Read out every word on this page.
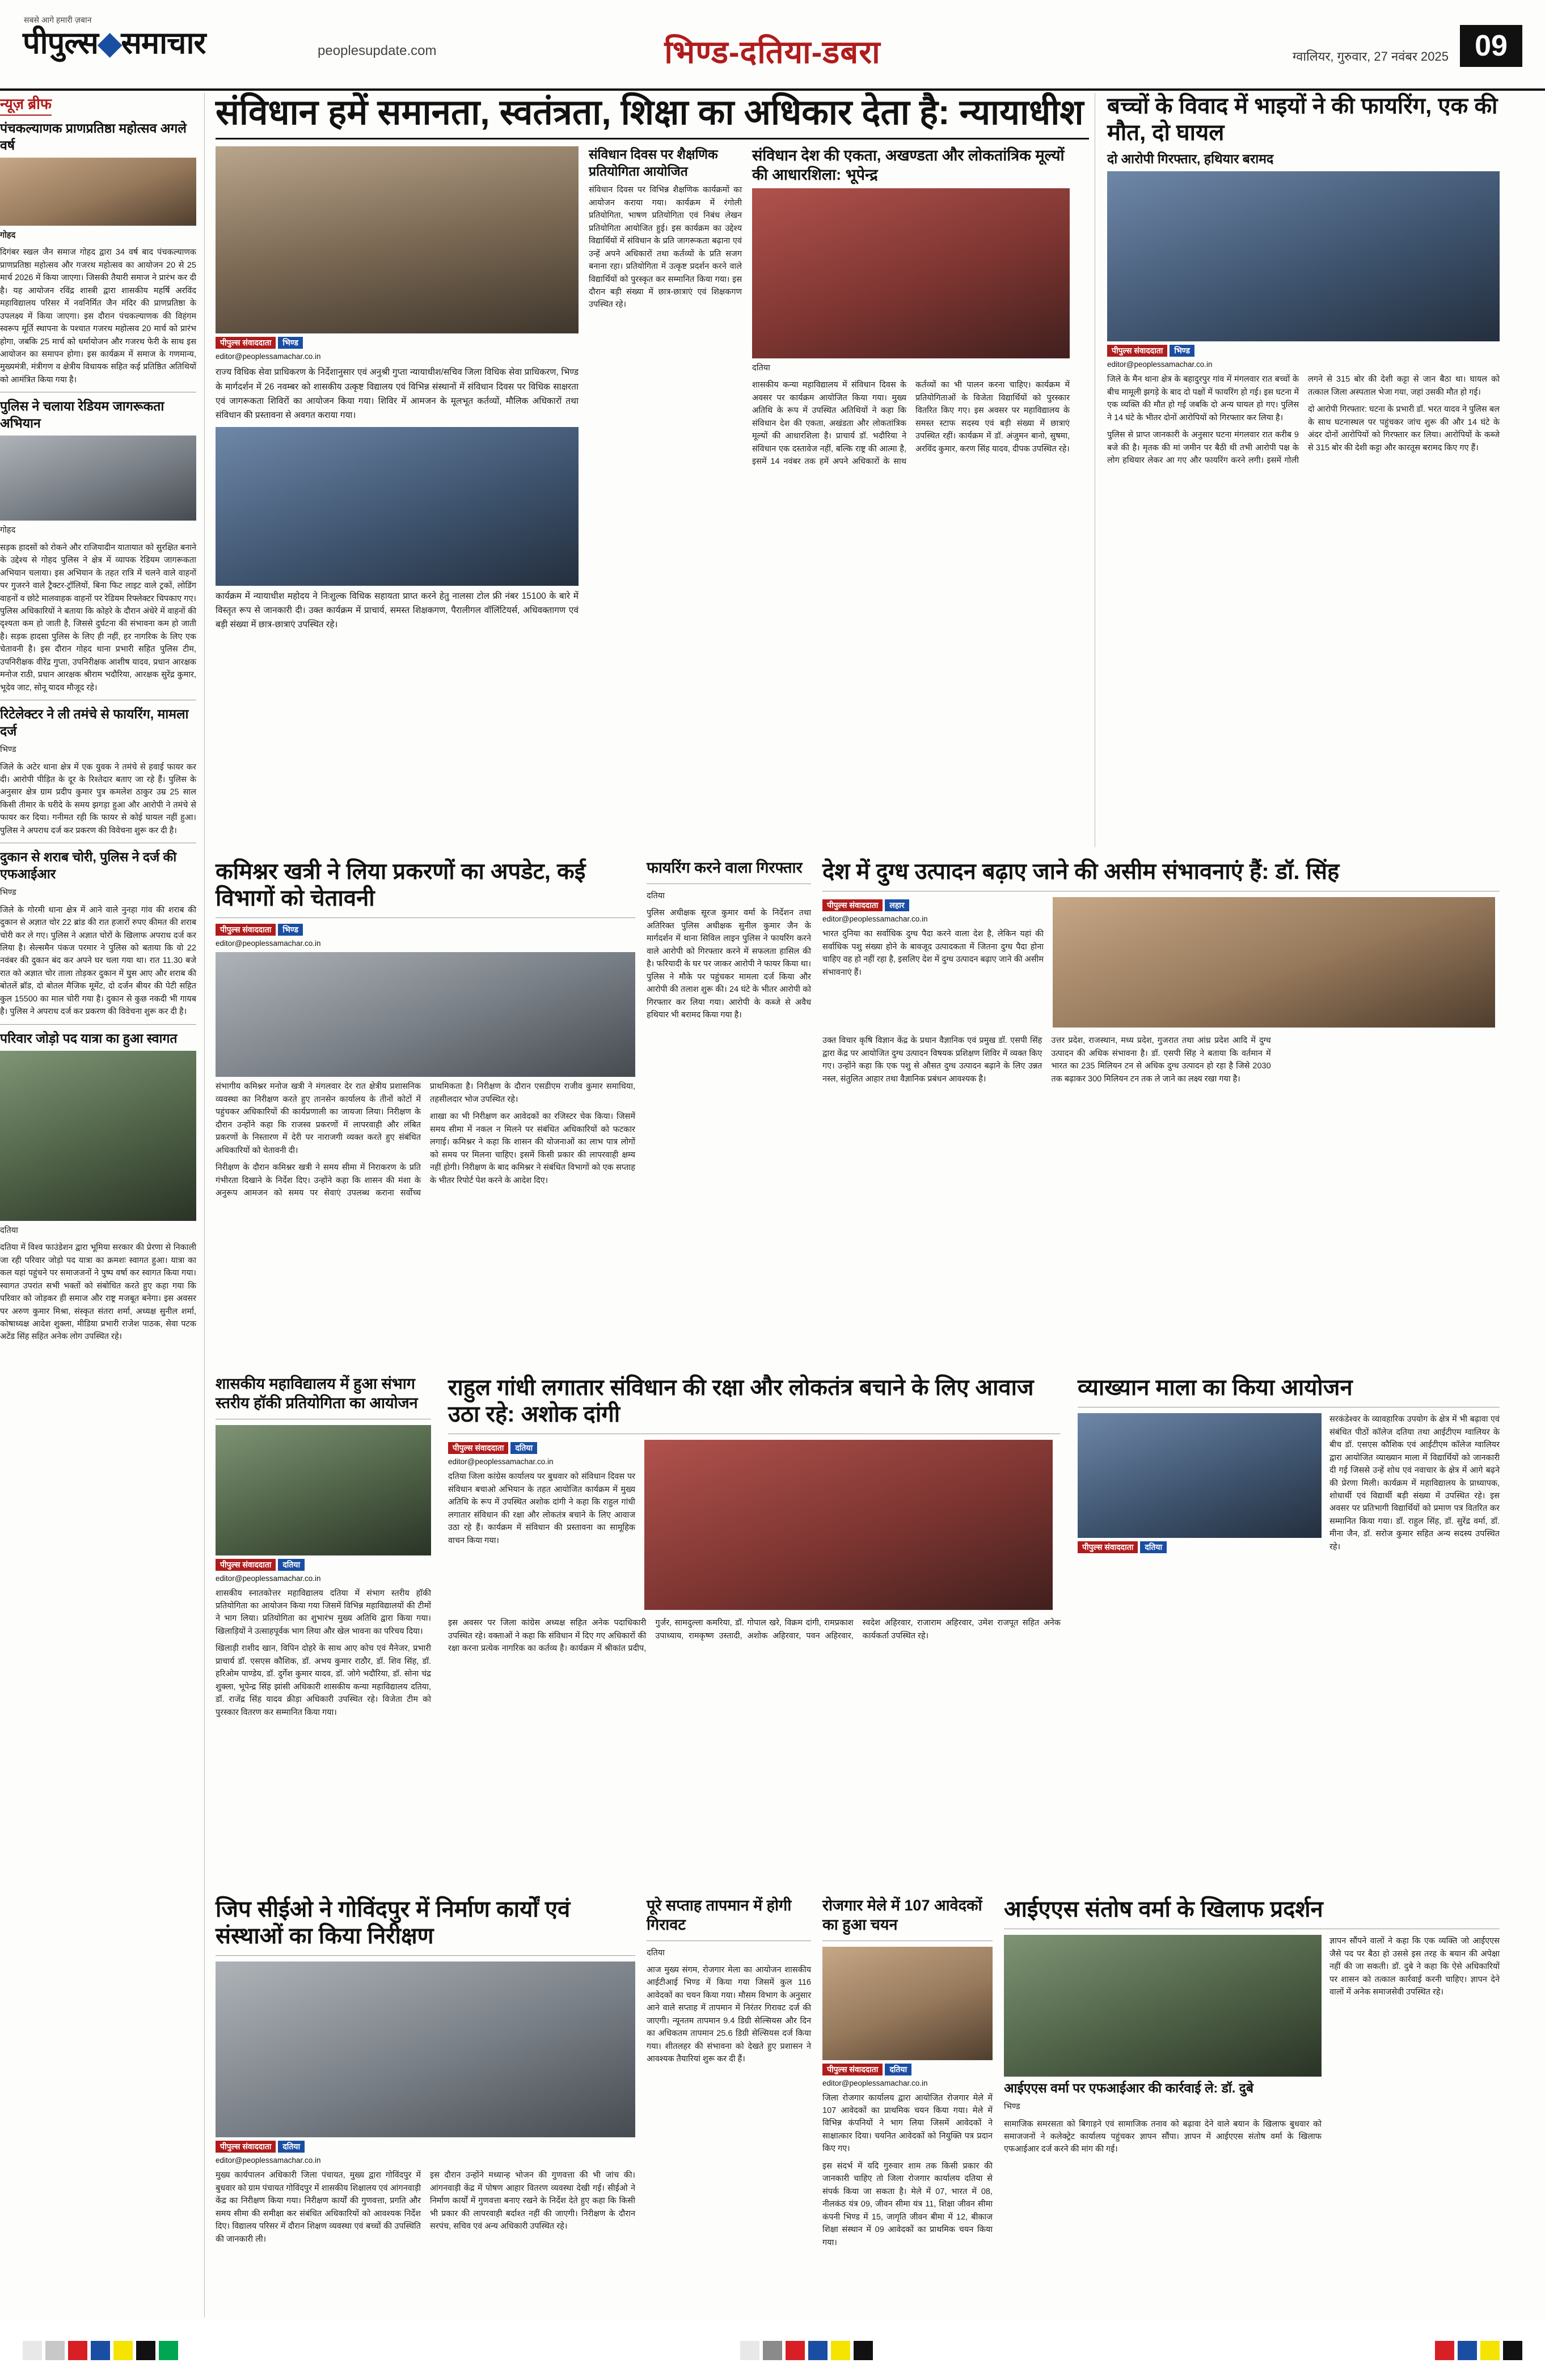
सबसे आगे हमारी ज़बान
पीपुल्स◆समाचार	peoplesupdate.com	भिण्ड-दतिया-डबरा	ग्वालियर, गुरुवार, 27 नवंबर 2025 09
न्यूज़ ब्रीफ
पंचकल्याणक प्राणप्रतिष्ठा महोत्सव अगले वर्ष

गोहद

दिगंबर स्खल जैन समाज गोहद द्वारा 34 वर्ष बाद पंचकल्याणक प्राणप्रतिष्ठा महोत्सव और गजरथ महोत्सव का आयोजन 20 से 25 मार्च 2026 में किया जाएगा। जिसकी तैयारी समाज ने प्रारंभ कर दी है। यह आयोजन रविंद्र शास्त्री द्वारा शासकीय महर्षि अरविंद महाविद्यालय परिसर में नवनिर्मित जैन मंदिर की प्राणप्रतिष्ठा के उपलक्ष्य में किया जाएगा। इस दौरान पंचकल्याणक की विहंगम स्वरूप मूर्ति स्थापना के पश्चात गजरथ महोत्सव 20 मार्च को प्रारंभ होगा, जबकि 25 मार्च को धर्मायोजन और गजरथ फेरी के साथ इस आयोजन का समापन होगा। इस कार्यक्रम में समाज के गणमान्य, मुख्यमंत्री, मंत्रीगण व क्षेत्रीय विधायक सहित कई प्रतिष्ठित अतिथियों को आमंत्रित किया गया है।

पुलिस ने चलाया रेडियम जागरूकता अभियान

गोहद

सड़क हादसों को रोकने और राजियादीन यातायात को सुरक्षित बनाने के उद्देश्य से गोहद पुलिस ने क्षेत्र में व्यापक रेडियम जागरूकता अभियान चलाया। इस अभियान के तहत रात्रि में चलने वाले वाहनों पर गुजरने वाले ट्रैक्टर-ट्रॉलियों, बिना फिट लाइट वाले ट्रकों, लोडिंग वाहनों व छोटे मालवाहक वाहनों पर रेडियम रिफ्लेक्टर चिपकाए गए। पुलिस अधिकारियों ने बताया कि कोहरे के दौरान अंधेरे में वाहनों की दृश्यता कम हो जाती है, जिससे दुर्घटना की संभावना कम हो जाती है। सड़क हादसा पुलिस के लिए ही नहीं, हर नागरिक के लिए एक चेतावनी है। इस दौरान गोहद थाना प्रभारी सहित पुलिस टीम, उपनिरीक्षक वीरेंद्र गुप्ता, उपनिरीक्षक आशीष यादव, प्रधान आरक्षक मनोज राठी, प्रधान आरक्षक श्रीराम भदौरिया, आरक्षक सुरेंद्र कुमार, भूदेव जाट, सोनू यादव मौजूद रहे।

रिटेलेक्टर ने ली तमंचे से फायरिंग, मामला दर्ज

भिण्ड

जिले के अटेर थाना क्षेत्र में एक युवक ने तमंचे से हवाई फायर कर दी। आरोपी पीड़ित के दूर के रिश्तेदार बताए जा रहे हैं। पुलिस के अनुसार क्षेत्र ग्राम प्रदीप कुमार पुत्र कमलेश ठाकुर उम्र 25 साल किसी तीमार के घरीदे के समय झगड़ा हुआ और आरोपी ने तमंचे से फायर कर दिया। गनीमत रही कि फायर से कोई घायल नहीं हुआ। पुलिस ने अपराध दर्ज कर प्रकरण की विवेचना शुरू कर दी है।

दुकान से शराब चोरी, पुलिस ने दर्ज की एफआईआर

भिण्ड

जिले के गोरमी थाना क्षेत्र में आने वाले नुनहा गांव की शराब की दुकान से अज्ञात चोर 22 ब्रांड की रात हजारों रुपए कीमत की शराब चोरी कर ले गए। पुलिस ने अज्ञात चोरों के खिलाफ अपराध दर्ज कर लिया है। सेल्समैन पंकज परमार ने पुलिस को बताया कि वो 22 नवंबर की दुकान बंद कर अपने घर चला गया था। रात 11.30 बजे रात को अज्ञात चोर ताला तोड़कर दुकान में घुस आए और शराब की बोतलें ब्रॉड, दो बोतल मैजिक मूमेंट, दो दर्जन बीयर की पेटी सहित कुल 15500 का माल चोरी गया है। दुकान से कुछ नकदी भी गायब है। पुलिस ने अपराध दर्ज कर प्रकरण की विवेचना शुरू कर दी है।

परिवार जोड़ो पद यात्रा का हुआ स्वागत

दतिया

दतिया में विश्व फाउंडेशन द्वारा भूमिया सरकार की प्रेरणा से निकाली जा रही परिवार जोड़ो पद यात्रा का क्रमशः स्वागत हुआ। यात्रा का कल यहां पहुंचने पर समाजजनों ने पुष्प वर्षा कर स्वागत किया गया। स्वागत उपरांत सभी भक्तों को संबोधित करते हुए कहा गया कि परिवार को जोड़कर ही समाज और राष्ट्र मजबूत बनेगा। इस अवसर पर अरुण कुमार मिश्रा, संस्कृत संतरा शर्मा, अध्यक्ष सुनील शर्मा, कोषाध्यक्ष आदेश शुक्ला, मीडिया प्रभारी राजेश पाठक, सेवा पटक अटेंड सिंह सहित अनेक लोग उपस्थित रहे।

संविधान हमें समानता, स्वतंत्रता, शिक्षा का अधिकार देता है: न्यायाधीश
पीपुल्स संवाददाता भिण्ड
editor@peoplessamachar.co.in

राज्य विधिक सेवा प्राधिकरण के निर्देशानुसार एवं अनुश्री गुप्ता न्यायाधीश/सचिव जिला विधिक सेवा प्राधिकरण, भिण्ड के मार्गदर्शन में 26 नवम्बर को शासकीय उत्कृष्ट विद्यालय एवं विभिन्न संस्थानों में संविधान दिवस पर विधिक साक्षरता एवं जागरूकता शिविरों का आयोजन किया गया। शिविर में आमजन के मूलभूत कर्तव्यों, मौलिक अधिकारों तथा संविधान की प्रस्तावना से अवगत कराया गया।

कार्यक्रम में न्यायाधीश महोदय ने निःशुल्क विधिक सहायता प्राप्त करने हेतु नालसा टोल फ्री नंबर 15100 के बारे में विस्तृत रूप से जानकारी दी। उक्त कार्यक्रम में प्राचार्य, समस्त शिक्षकगण, पैरालीगल वॉलिंटियर्स, अधिवक्तागण एवं बड़ी संख्या में छात्र-छात्राएं उपस्थित रहे।

संविधान दिवस पर शैक्षणिक प्रतियोगिता आयोजित

संविधान दिवस पर विभिन्न शैक्षणिक कार्यक्रमों का आयोजन कराया गया। कार्यक्रम में रंगोली प्रतियोगिता, भाषण प्रतियोगिता एवं निबंध लेखन प्रतियोगिता आयोजित हुई। इस कार्यक्रम का उद्देश्य विद्यार्थियों में संविधान के प्रति जागरूकता बढ़ाना एवं उन्हें अपने अधिकारों तथा कर्तव्यों के प्रति सजग बनाना रहा। प्रतियोगिता में उत्कृष्ट प्रदर्शन करने वाले विद्यार्थियों को पुरस्कृत कर सम्मानित किया गया। इस दौरान बड़ी संख्या में छात्र-छात्राएं एवं शिक्षकगण उपस्थित रहे।

संविधान देश की एकता, अखण्डता और लोकतांत्रिक मूल्यों की आधारशिला: भूपेन्द्र

दतिया

शासकीय कन्या महाविद्यालय में संविधान दिवस के अवसर पर कार्यक्रम आयोजित किया गया। मुख्य अतिथि के रूप में उपस्थित अतिथियों ने कहा कि संविधान देश की एकता, अखंडता और लोकतांत्रिक मूल्यों की आधारशिला है। प्राचार्य डॉ. भदौरिया ने संविधान एक दस्तावेज नहीं, बल्कि राष्ट्र की आत्मा है, इसमें 14 नवंबर तक हमें अपने अधिकारों के साथ कर्तव्यों का भी पालन करना चाहिए। कार्यक्रम में प्रतियोगिताओं के विजेता विद्यार्थियों को पुरस्कार वितरित किए गए। इस अवसर पर महाविद्यालय के समस्त स्टाफ सदस्य एवं बड़ी संख्या में छात्राएं उपस्थित रहीं। कार्यक्रम में डॉ. अंजुमन बानो, सुषमा, अरविंद कुमार, करण सिंह यादव, दीपक उपस्थित रहे।

बच्चों के विवाद में भाइयों ने की फायरिंग, एक की मौत, दो घायल
दो आरोपी गिरफ्तार, हथियार बरामद
पीपुल्स संवाददाता भिण्ड
editor@peoplessamachar.co.in

जिले के मैन थाना क्षेत्र के बहादुरपुर गांव में मंगलवार रात बच्चों के बीच मामूली झगड़े के बाद दो पक्षों में फायरिंग हो गई। इस घटना में एक व्यक्ति की मौत हो गई जबकि दो अन्य घायल हो गए। पुलिस ने 14 घंटे के भीतर दोनों आरोपियों को गिरफ्तार कर लिया है।

पुलिस से प्राप्त जानकारी के अनुसार घटना मंगलवार रात करीब 9 बजे की है। मृतक की मां जमीन पर बैठी थी तभी आरोपी पक्ष के लोग हथियार लेकर आ गए और फायरिंग करने लगी। इसमें गोली लगने से 315 बोर की देशी कट्टा से जान बैठा था। घायल को तत्काल जिला अस्पताल भेजा गया, जहां उसकी मौत हो गई।

दो आरोपी गिरफ्तार: घटना के प्रभारी डॉ. भरत यादव ने पुलिस बल के साथ घटनास्थल पर पहुंचकर जांच शुरू की और 14 घंटे के अंदर दोनों आरोपियों को गिरफ्तार कर लिया। आरोपियों के कब्जे से 315 बोर की देशी कट्टा और कारतूस बरामद किए गए हैं।

कमिश्नर खत्री ने लिया प्रकरणों का अपडेट, कई विभागों को चेतावनी
पीपुल्स संवाददाता भिण्ड
editor@peoplessamachar.co.in

संभागीय कमिश्नर मनोज खत्री ने मंगलवार देर रात क्षेत्रीय प्रशासनिक व्यवस्था का निरीक्षण करते हुए तानसेन कार्यालय के तीनों कोटों में पहुंचकर अधिकारियों की कार्यप्रणाली का जायजा लिया। निरीक्षण के दौरान उन्होंने कहा कि राजस्व प्रकरणों में लापरवाही और लंबित प्रकरणों के निस्तारण में देरी पर नाराजगी व्यक्त करते हुए संबंधित अधिकारियों को चेतावनी दी।

निरीक्षण के दौरान कमिश्नर खत्री ने समय सीमा में निराकरण के प्रति गंभीरता दिखाने के निर्देश दिए। उन्होंने कहा कि शासन की मंशा के अनुरूप आमजन को समय पर सेवाएं उपलब्ध कराना सर्वोच्च प्राथमिकता है। निरीक्षण के दौरान एसडीएम राजीव कुमार समाधिया, तहसीलदार भोज उपस्थित रहे।

शाखा का भी निरीक्षण कर आवेदकों का रजिस्टर चेक किया। जिसमें समय सीमा में नकल न मिलने पर संबंधित अधिकारियों को फटकार लगाई। कमिश्नर ने कहा कि शासन की योजनाओं का लाभ पात्र लोगों को समय पर मिलना चाहिए। इसमें किसी प्रकार की लापरवाही क्षम्य नहीं होगी। निरीक्षण के बाद कमिश्नर ने संबंधित विभागों को एक सप्ताह के भीतर रिपोर्ट पेश करने के आदेश दिए।

फायरिंग करने वाला गिरफ्तार

दतिया

पुलिस अधीक्षक सूरज कुमार वर्मा के निर्देशन तथा अतिरिक्त पुलिस अधीक्षक सुनील कुमार जैन के मार्गदर्शन में थाना सिविल लाइन पुलिस ने फायरिंग करने वाले आरोपी को गिरफ्तार करने में सफलता हासिल की है। फरियादी के घर पर जाकर आरोपी ने फायर किया था। पुलिस ने मौके पर पहुंचकर मामला दर्ज किया और आरोपी की तलाश शुरू की। 24 घंटे के भीतर आरोपी को गिरफ्तार कर लिया गया। आरोपी के कब्जे से अवैध हथियार भी बरामद किया गया है।

देश में दुग्ध उत्पादन बढ़ाए जाने की असीम संभावनाएं हैं: डॉ. सिंह
पीपुल्स संवाददाता लहार
editor@peoplessamachar.co.in

भारत दुनिया का सर्वाधिक दुग्ध पैदा करने वाला देश है, लेकिन यहां की सर्वाधिक पशु संख्या होने के बावजूद उत्पादकता में जितना दुग्ध पैदा होना चाहिए वह हो नहीं रहा है, इसलिए देश में दुग्ध उत्पादन बढ़ाए जाने की असीम संभावनाएं हैं।

उक्त विचार कृषि विज्ञान केंद्र के प्रधान वैज्ञानिक एवं प्रमुख डॉ. एसपी सिंह द्वारा केंद्र पर आयोजित दुग्ध उत्पादन विषयक प्रशिक्षण शिविर में व्यक्त किए गए। उन्होंने कहा कि एक पशु से औसत दुग्ध उत्पादन बढ़ाने के लिए उन्नत नस्ल, संतुलित आहार तथा वैज्ञानिक प्रबंधन आवश्यक है।

उत्तर प्रदेश, राजस्थान, मध्य प्रदेश, गुजरात तथा आंध्र प्रदेश आदि में दुग्ध उत्पादन की अधिक संभावना है। डॉ. एसपी सिंह ने बताया कि वर्तमान में भारत का 235 मिलियन टन से अधिक दुग्ध उत्पादन हो रहा है जिसे 2030 तक बढ़ाकर 300 मिलियन टन तक ले जाने का लक्ष्य रखा गया है।

शासकीय महाविद्यालय में हुआ संभाग स्तरीय हॉकी प्रतियोगिता का आयोजन
पीपुल्स संवाददाता दतिया
editor@peoplessamachar.co.in

शासकीय स्नातकोत्तर महाविद्यालय दतिया में संभाग स्तरीय हॉकी प्रतियोगिता का आयोजन किया गया जिसमें विभिन्न महाविद्यालयों की टीमों ने भाग लिया। प्रतियोगिता का शुभारंभ मुख्य अतिथि द्वारा किया गया। खिलाड़ियों ने उत्साहपूर्वक भाग लिया और खेल भावना का परिचय दिया।

खिलाड़ी राशीद खान, विपिन दोहरे के साथ आए कोच एवं मैनेजर, प्रभारी प्राचार्य डॉ. एसएस कौशिक, डॉ. अभय कुमार राठौर, डॉ. शिव सिंह, डॉ. हरिओम पाण्डेय, डॉ. दुर्गेश कुमार यादव, डॉ. जोगे भदौरिया, डॉ. सोना चंद्र शुक्ला, भूपेन्द्र सिंह झांसी अधिकारी शासकीय कन्या महाविद्यालय दतिया, डॉ. राजेंद्र सिंह यादव क्रीड़ा अधिकारी उपस्थित रहे। विजेता टीम को पुरस्कार वितरण कर सम्मानित किया गया।

राहुल गांधी लगातार संविधान की रक्षा और लोकतंत्र बचाने के लिए आवाज उठा रहे: अशोक दांगी
पीपुल्स संवाददाता दतिया
editor@peoplessamachar.co.in

दतिया जिला कांग्रेस कार्यालय पर बुधवार को संविधान दिवस पर संविधान बचाओ अभियान के तहत आयोजित कार्यक्रम में मुख्य अतिथि के रूप में उपस्थित अशोक दांगी ने कहा कि राहुल गांधी लगातार संविधान की रक्षा और लोकतंत्र बचाने के लिए आवाज उठा रहे हैं। कार्यक्रम में संविधान की प्रस्तावना का सामूहिक वाचन किया गया।

इस अवसर पर जिला कांग्रेस अध्यक्ष सहित अनेक पदाधिकारी उपस्थित रहे। वक्ताओं ने कहा कि संविधान में दिए गए अधिकारों की रक्षा करना प्रत्येक नागरिक का कर्तव्य है। कार्यक्रम में श्रीकांत प्रदीप, गुर्जर, सामदुल्ला कमरिया, डॉ. गोपाल खरे, विक्रम दांगी, रामप्रकाश उपाध्याय, रामकृष्ण उस्तादी, अशोक अहिरवार, पवन अहिरवार, स्वदेश अहिरवार, राजाराम अहिरवार, उमेश राजपूत सहित अनेक कार्यकर्ता उपस्थित रहे।

व्याख्यान माला का किया आयोजन
पीपुल्स संवाददाता दतिया

सरकंडेश्वर के व्यावहारिक उपयोग के क्षेत्र में भी बढ़ावा एवं संबंधित पीठों कॉलेज दतिया तथा आईटीएम ग्वालियर के बीच डॉ. एसएस कौशिक एवं आईटीएम कॉलेज ग्वालियर द्वारा आयोजित व्याख्यान माला में विद्यार्थियों को जानकारी दी गई जिससे उन्हें शोध एवं नवाचार के क्षेत्र में आगे बढ़ने की प्रेरणा मिली। कार्यक्रम में महाविद्यालय के प्राध्यापक, शोधार्थी एवं विद्यार्थी बड़ी संख्या में उपस्थित रहे। इस अवसर पर प्रतिभागी विद्यार्थियों को प्रमाण पत्र वितरित कर सम्मानित किया गया। डॉ. राहुल सिंह, डॉ. सुरेंद्र वर्मा, डॉ. मीना जैन, डॉ. सरोज कुमार सहित अन्य सदस्य उपस्थित रहे।

जिप सीईओ ने गोविंदपुर में निर्माण कार्यों एवं संस्थाओं का किया निरीक्षण
पीपुल्स संवाददाता दतिया
editor@peoplessamachar.co.in

मुख्य कार्यपालन अधिकारी जिला पंचायत, मुख्य द्वारा गोविंदपुर में बुधवार को ग्राम पंचायत गोविंदपुर में शासकीय शिक्षालय एवं आंगनवाड़ी केंद्र का निरीक्षण किया गया। निरीक्षण कार्यों की गुणवत्ता, प्रगति और समय सीमा की समीक्षा कर संबंधित अधिकारियों को आवश्यक निर्देश दिए। विद्यालय परिसर में दौरान शिक्षण व्यवस्था एवं बच्चों की उपस्थिति की जानकारी ली।

इस दौरान उन्होंने मध्यान्ह भोजन की गुणवत्ता की भी जांच की। आंगनवाड़ी केंद्र में पोषण आहार वितरण व्यवस्था देखी गई। सीईओ ने निर्माण कार्यों में गुणवत्ता बनाए रखने के निर्देश देते हुए कहा कि किसी भी प्रकार की लापरवाही बर्दाश्त नहीं की जाएगी। निरीक्षण के दौरान सरपंच, सचिव एवं अन्य अधिकारी उपस्थित रहे।

पूरे सप्ताह तापमान में होगी गिरावट

दतिया

आज मुख्य संगम, रोजगार मेला का आयोजन शासकीय आईटीआई भिण्ड में किया गया जिसमें कुल 116 आवेदकों का चयन किया गया। मौसम विभाग के अनुसार आने वाले सप्ताह में तापमान में निरंतर गिरावट दर्ज की जाएगी। न्यूनतम तापमान 9.4 डिग्री सेल्सियस और दिन का अधिकतम तापमान 25.6 डिग्री सेल्सियस दर्ज किया गया। शीतलहर की संभावना को देखते हुए प्रशासन ने आवश्यक तैयारियां शुरू कर दी हैं।

रोजगार मेले में 107 आवेदकों का हुआ चयन
पीपुल्स संवाददाता दतिया
editor@peoplessamachar.co.in

जिला रोजगार कार्यालय द्वारा आयोजित रोजगार मेले में 107 आवेदकों का प्राथमिक चयन किया गया। मेले में विभिन्न कंपनियों ने भाग लिया जिसमें आवेदकों ने साक्षात्कार दिया। चयनित आवेदकों को नियुक्ति पत्र प्रदान किए गए।

इस संदर्भ में यदि गुरुवार शाम तक किसी प्रकार की जानकारी चाहिए तो जिला रोजगार कार्यालय दतिया से संपर्क किया जा सकता है। मेले में 07, भारत में 08, नीलकंठ यंत्र 09, जीवन सीमा यंत्र 11, शिक्षा जीवन सीमा कंपनी भिण्ड में 15, जागृति जीवन बीमा में 12, बीकाज शिक्षा संस्थान में 09 आवेदकों का प्राथमिक चयन किया गया।

आईएएस संतोष वर्मा के खिलाफ प्रदर्शन
आईएएस वर्मा पर एफआईआर की कार्रवाई ले: डॉ. दुबे

भिण्ड

सामाजिक समरसता को बिगाड़ने एवं सामाजिक तनाव को बढ़ावा देने वाले बयान के खिलाफ बुधवार को समाजजनों ने कलेक्ट्रेट कार्यालय पहुंचकर ज्ञापन सौंपा। ज्ञापन में आईएएस संतोष वर्मा के खिलाफ एफआईआर दर्ज करने की मांग की गई।

ज्ञापन सौंपने वालों ने कहा कि एक व्यक्ति जो आईएएस जैसे पद पर बैठा हो उससे इस तरह के बयान की अपेक्षा नहीं की जा सकती। डॉ. दुबे ने कहा कि ऐसे अधिकारियों पर शासन को तत्काल कार्रवाई करनी चाहिए। ज्ञापन देने वालों में अनेक समाजसेवी उपस्थित रहे।
